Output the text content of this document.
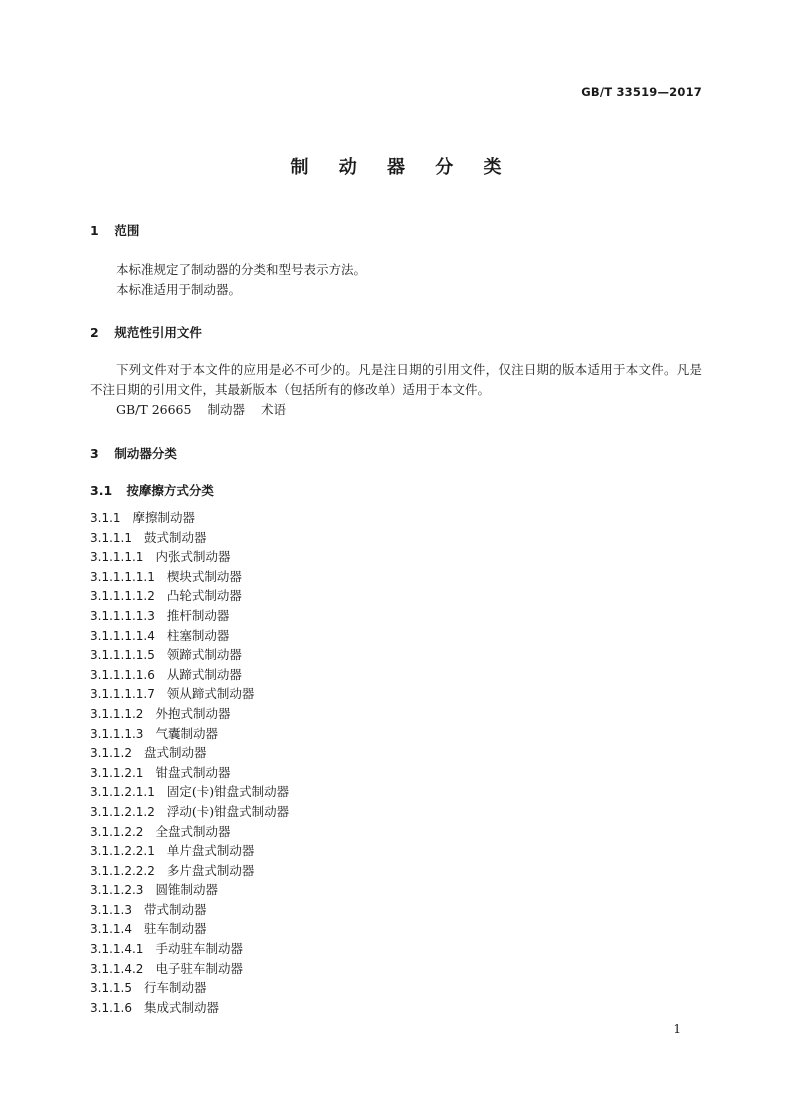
GB/T 33519—2017
制 动 器 分 类
1 范围

本标准规定了制动器的分类和型号表示方法。

本标准适用于制动器。

2 规范性引用文件

下列文件对于本文件的应用是必不可少的。凡是注日期的引用文件，仅注日期的版本适用于本文件。凡是不注日期的引用文件，其最新版本（包括所有的修改单）适用于本文件。

GB/T 26665 制动器 术语

3 制动器分类
3.1 按摩擦方式分类
3.1.1 摩擦制动器
3.1.1.1 鼓式制动器
3.1.1.1.1 内张式制动器
3.1.1.1.1.1 楔块式制动器
3.1.1.1.1.2 凸轮式制动器
3.1.1.1.1.3 推杆制动器
3.1.1.1.1.4 柱塞制动器
3.1.1.1.1.5 领蹄式制动器
3.1.1.1.1.6 从蹄式制动器
3.1.1.1.1.7 领从蹄式制动器
3.1.1.1.2 外抱式制动器
3.1.1.1.3 气囊制动器
3.1.1.2 盘式制动器
3.1.1.2.1 钳盘式制动器
3.1.1.2.1.1 固定(卡)钳盘式制动器
3.1.1.2.1.2 浮动(卡)钳盘式制动器
3.1.1.2.2 全盘式制动器
3.1.1.2.2.1 单片盘式制动器
3.1.1.2.2.2 多片盘式制动器
3.1.1.2.3 圆锥制动器
3.1.1.3 带式制动器
3.1.1.4 驻车制动器
3.1.1.4.1 手动驻车制动器
3.1.1.4.2 电子驻车制动器
3.1.1.5 行车制动器
3.1.1.6 集成式制动器
1
